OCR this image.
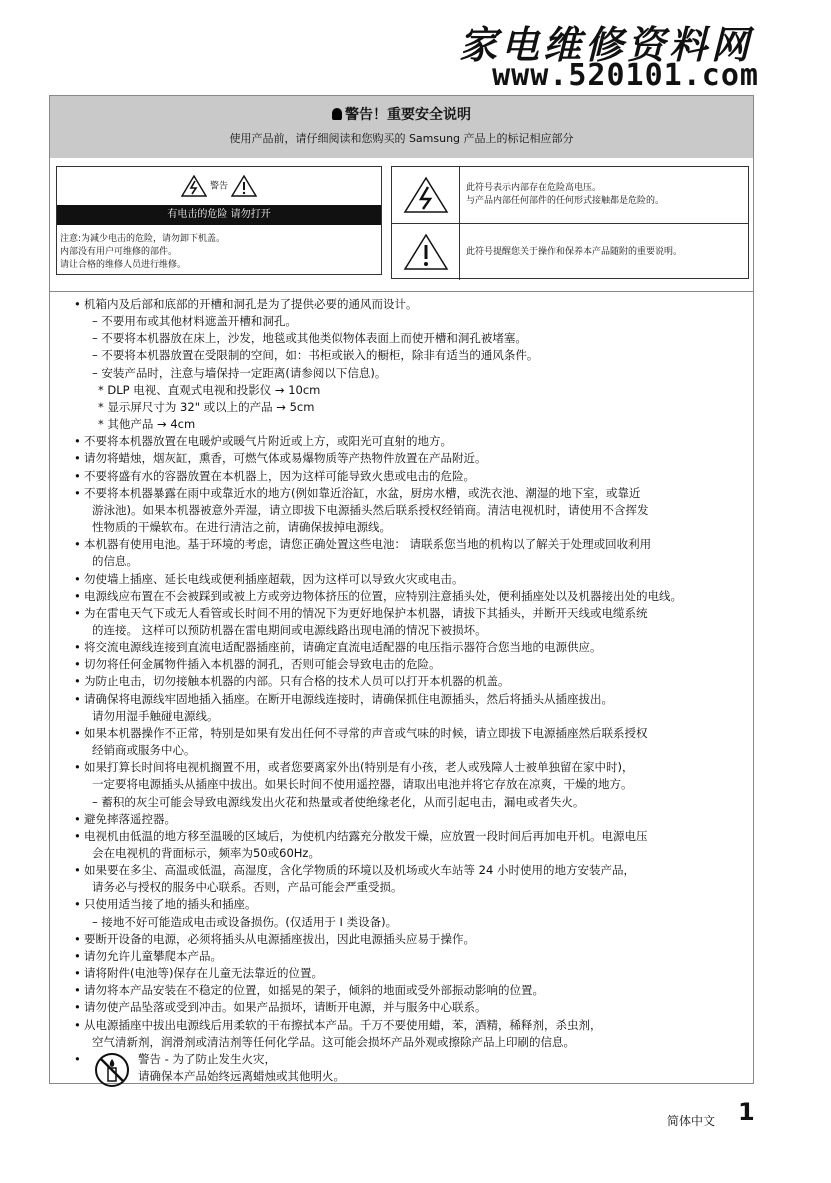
家电维修资料网
www.520101.com
警告！重要安全说明
使用产品前，请仔细阅读和您购买的 Samsung 产品上的标记相应部分
警告
有电击的危险 请勿打开
注意:为减少电击的危险，请勿卸下机盖。
内部没有用户可维修的部件。
请让合格的维修人员进行维修。
此符号表示内部存在危险高电压。
与产品内部任何部件的任何形式接触都是危险的。
此符号提醒您关于操作和保养本产品随附的重要说明。
• 机箱内及后部和底部的开槽和洞孔是为了提供必要的通风而设计。
– 不要用布或其他材料遮盖开槽和洞孔。
– 不要将本机器放在床上，沙发，地毯或其他类似物体表面上而使开槽和洞孔被堵塞。
– 不要将本机器放置在受限制的空间，如：书柜或嵌入的橱柜，除非有适当的通风条件。
– 安装产品时，注意与墙保持一定距离(请参阅以下信息)。
* DLP 电视、直观式电视和投影仪 → 10cm
* 显示屏尺寸为 32" 或以上的产品 → 5cm
* 其他产品 → 4cm
• 不要将本机器放置在电暖炉或暖气片附近或上方，或阳光可直射的地方。
• 请勿将蜡烛，烟灰缸，熏香，可燃气体或易爆物质等产热物件放置在产品附近。
• 不要将盛有水的容器放置在本机器上，因为这样可能导致火患或电击的危险。
• 不要将本机器暴露在雨中或靠近水的地方(例如靠近浴缸，水盆，厨房水槽，或洗衣池、潮湿的地下室，或靠近
游泳池)。如果本机器被意外弄湿，请立即拔下电源插头然后联系授权经销商。清洁电视机时，请使用不含挥发
性物质的干燥软布。在进行清洁之前，请确保拔掉电源线。
• 本机器有使用电池。基于环境的考虑，请您正确处置这些电池： 请联系您当地的机构以了解关于处理或回收利用
的信息。
• 勿使墙上插座、延长电线或便利插座超载，因为这样可以导致火灾或电击。
• 电源线应布置在不会被踩到或被上方或旁边物体挤压的位置，应特别注意插头处，便利插座处以及机器接出处的电线。
• 为在雷电天气下或无人看管或长时间不用的情况下为更好地保护本机器，请拔下其插头，并断开天线或电缆系统
的连接。 这样可以预防机器在雷电期间或电源线路出现电涌的情况下被损坏。
• 将交流电源线连接到直流电适配器插座前，请确定直流电适配器的电压指示器符合您当地的电源供应。
• 切勿将任何金属物件插入本机器的洞孔，否则可能会导致电击的危险。
• 为防止电击，切勿接触本机器的内部。只有合格的技术人员可以打开本机器的机盖。
• 请确保将电源线牢固地插入插座。在断开电源线连接时，请确保抓住电源插头，然后将插头从插座拔出。
请勿用湿手触碰电源线。
• 如果本机器操作不正常，特别是如果有发出任何不寻常的声音或气味的时候，请立即拔下电源插座然后联系授权
经销商或服务中心。
• 如果打算长时间将电视机搁置不用，或者您要离家外出(特别是有小孩，老人或残障人士被单独留在家中时)，
一定要将电源插头从插座中拔出。如果长时间不使用遥控器，请取出电池并将它存放在凉爽，干燥的地方。
– 蓄积的灰尘可能会导致电源线发出火花和热量或者使绝缘老化，从而引起电击，漏电或者失火。
• 避免摔落遥控器。
• 电视机由低温的地方移至温暖的区域后，为使机内结露充分散发干燥，应放置一段时间后再加电开机。电源电压
会在电视机的背面标示，频率为50或60Hz。
• 如果要在多尘、高温或低温，高湿度，含化学物质的环境以及机场或火车站等 24 小时使用的地方安装产品，
请务必与授权的服务中心联系。否则，产品可能会严重受损。
• 只使用适当接了地的插头和插座。
– 接地不好可能造成电击或设备损伤。(仅适用于 I 类设备)。
• 要断开设备的电源，必须将插头从电源插座拔出，因此电源插头应易于操作。
• 请勿允许儿童攀爬本产品。
• 请将附件(电池等)保存在儿童无法靠近的位置。
• 请勿将本产品安装在不稳定的位置，如摇晃的架子，倾斜的地面或受外部振动影响的位置。
• 请勿使产品坠落或受到冲击。如果产品损坏，请断开电源，并与服务中心联系。
• 从电源插座中拔出电源线后用柔软的干布擦拭本产品。千万不要使用蜡，苯，酒精，稀释剂，杀虫剂，
空气清新剂，润滑剂或清洁剂等任何化学品。这可能会损坏产品外观或擦除产品上印刷的信息。
• 警告 - 为了防止发生火灾，
请确保本产品始终远离蜡烛或其他明火。
简体中文 1
